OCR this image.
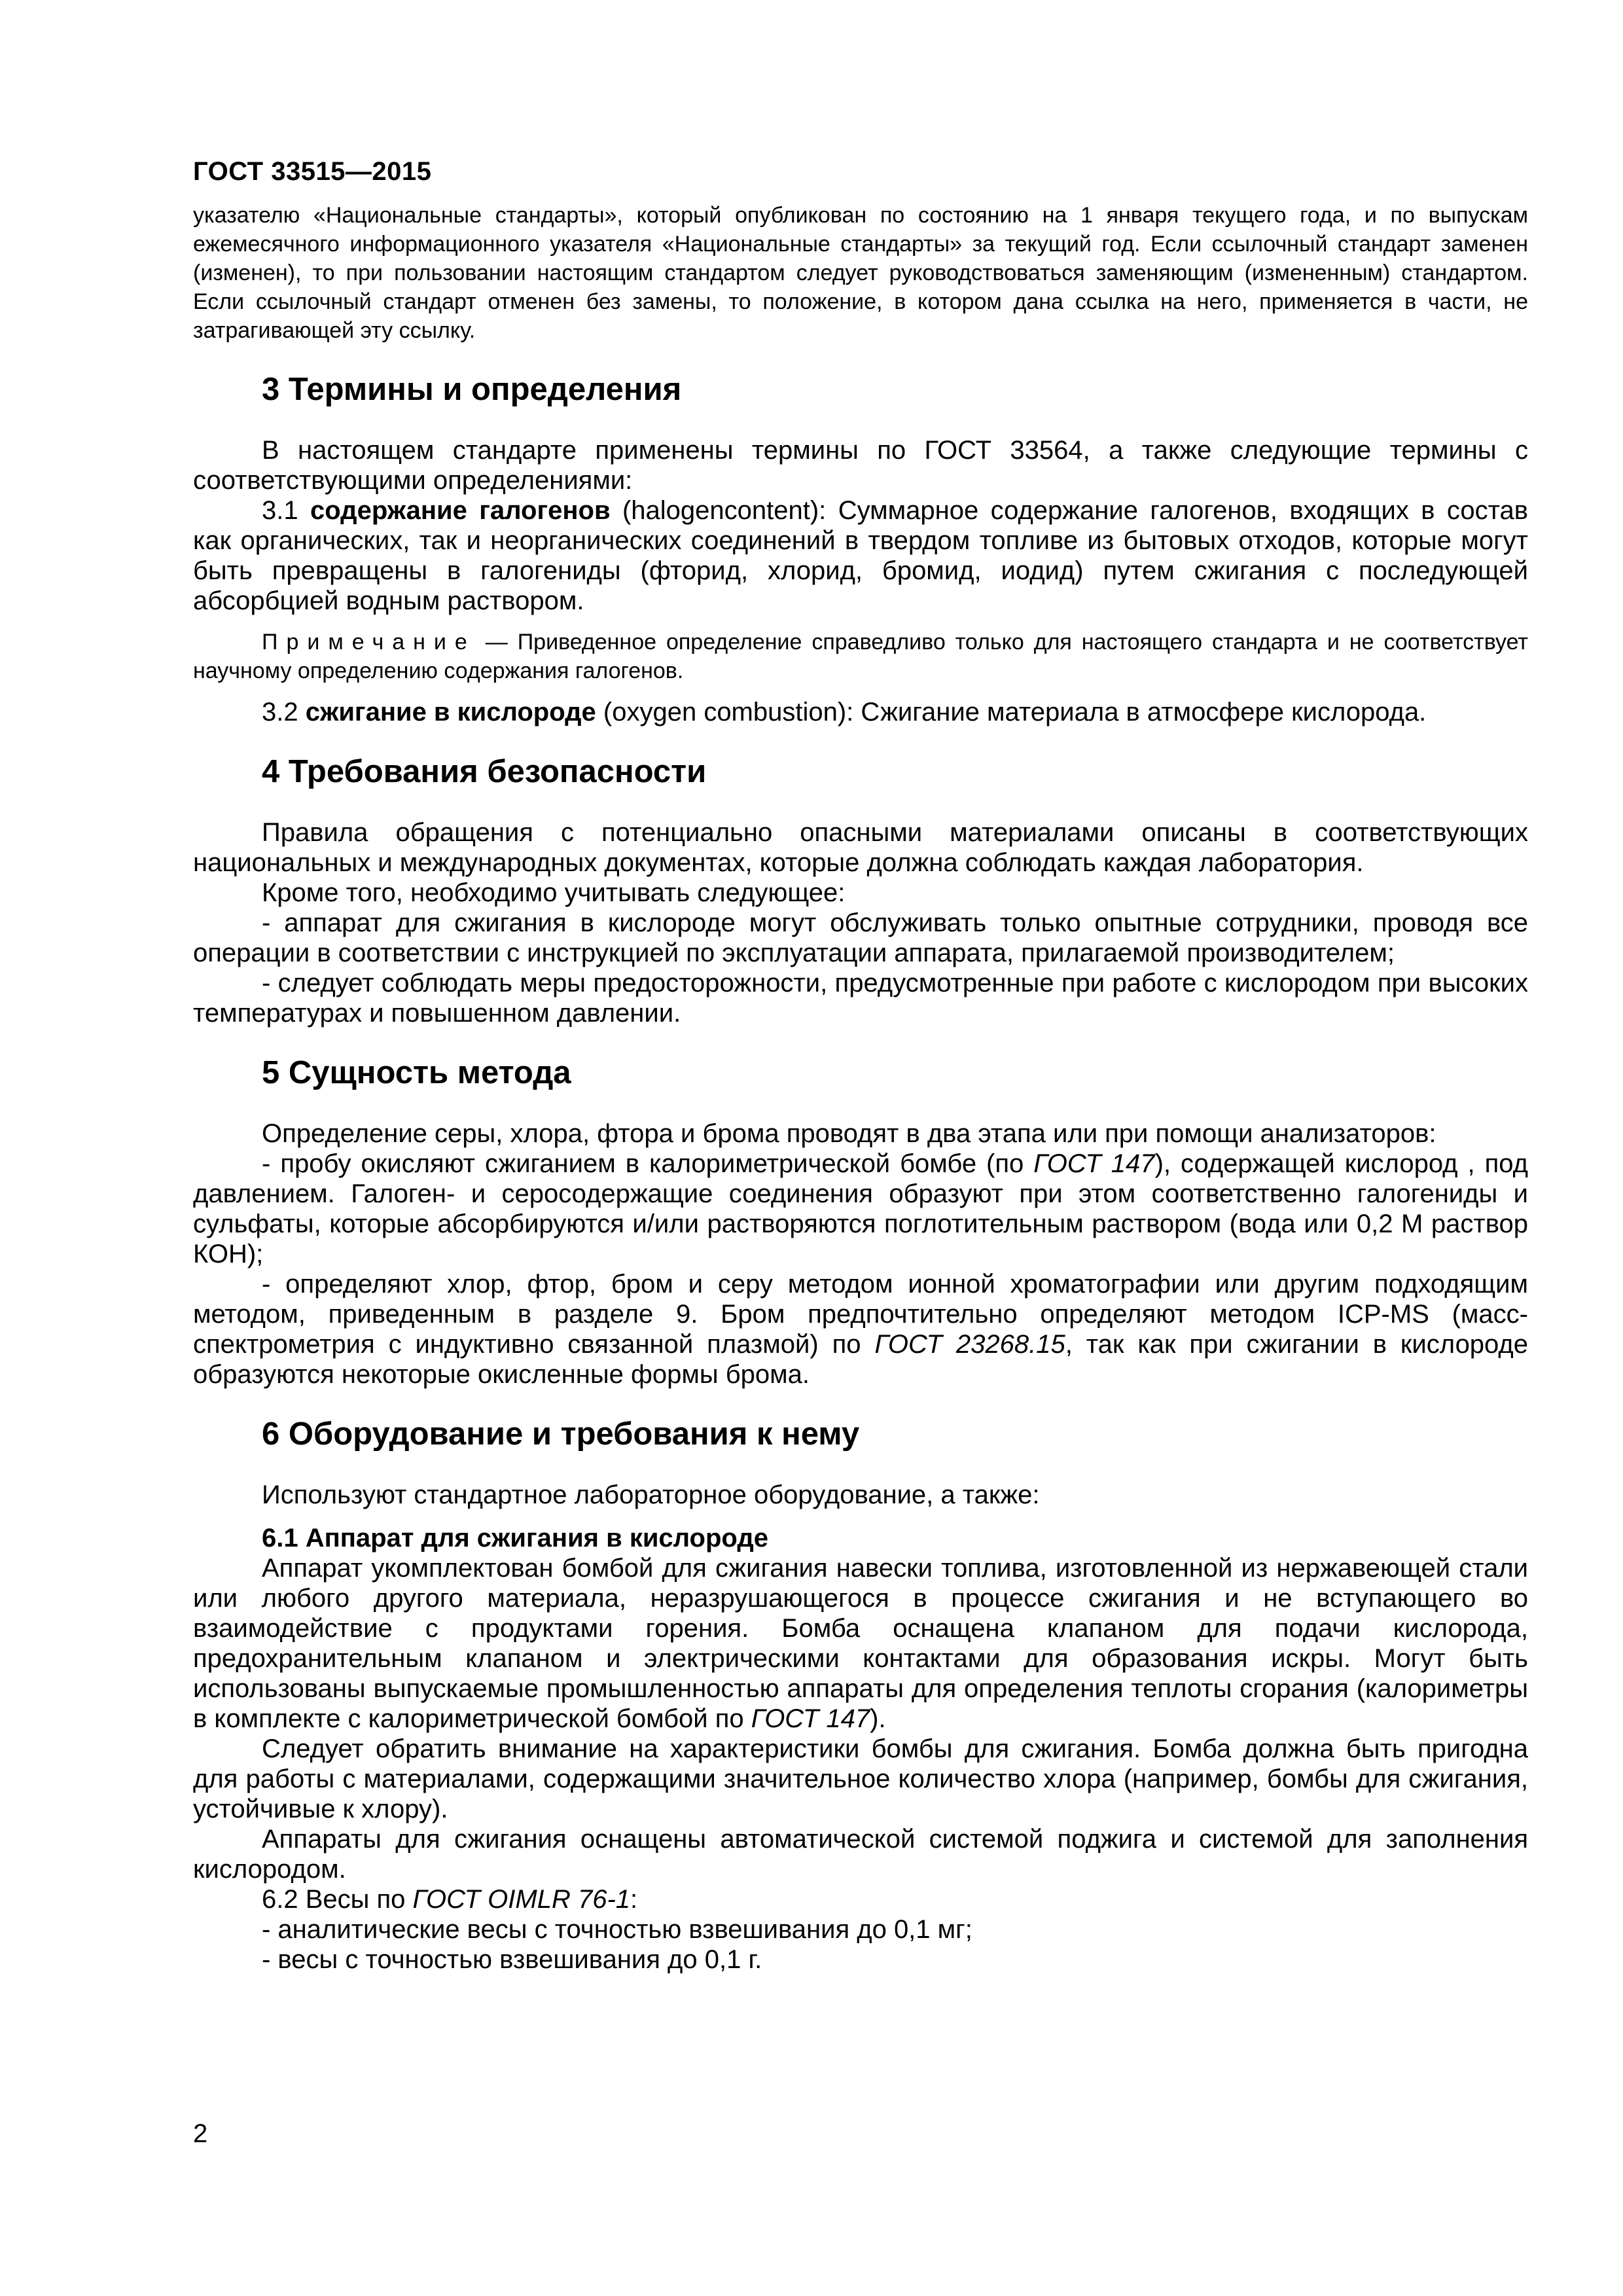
ГОСТ 33515—2015

указателю «Национальные стандарты», который опубликован по состоянию на 1 января текущего года, и по выпускам ежемесячного информационного указателя «Национальные стандарты» за текущий год. Если ссылочный стандарт заменен (изменен), то при пользовании настоящим стандартом следует руководствоваться заменяющим (измененным) стандартом. Если ссылочный стандарт отменен без замены, то положение, в котором дана ссылка на него, применяется в части, не затрагивающей эту ссылку.

3 Термины и определения

В настоящем стандарте применены термины по ГОСТ 33564, а также следующие термины с соответствующими определениями:

3.1 содержание галогенов (halogencontent): Суммарное содержание галогенов, входящих в состав как органических, так и неорганических соединений в твердом топливе из бытовых отходов, которые могут быть превращены в галогениды (фторид, хлорид, бромид, иодид) путем сжигания с последующей абсорбцией водным раствором.

Примечание — Приведенное определение справедливо только для настоящего стандарта и не соответствует научному определению содержания галогенов.

3.2 сжигание в кислороде (oxygen combustion): Сжигание материала в атмосфере кислорода.

4 Требования безопасности

Правила обращения с потенциально опасными материалами описаны в соответствующих национальных и международных документах, которые должна соблюдать каждая лаборатория.

Кроме того, необходимо учитывать следующее:

- аппарат для сжигания в кислороде могут обслуживать только опытные сотрудники, проводя все операции в соответствии с инструкцией по эксплуатации аппарата, прилагаемой производителем;

- следует соблюдать меры предосторожности, предусмотренные при работе с кислородом при высоких температурах и повышенном давлении.

5 Сущность метода

Определение серы, хлора, фтора и брома проводят в два этапа или при помощи анализаторов:

- пробу окисляют сжиганием в калориметрической бомбе (по ГОСТ 147), содержащей кислород , под давлением. Галоген- и серосодержащие соединения образуют при этом соответственно галогениды и сульфаты, которые абсорбируются и/или растворяются поглотительным раствором (вода или 0,2 М раствор КОН);

- определяют хлор, фтор, бром и серу методом ионной хроматографии или другим подходящим методом, приведенным в разделе 9. Бром предпочтительно определяют методом ICP-MS (масс-спектрометрия с индуктивно связанной плазмой) по ГОСТ 23268.15, так как при сжигании в кислороде образуются некоторые окисленные формы брома.

6 Оборудование и требования к нему

Используют стандартное лабораторное оборудование, а также:

6.1 Аппарат для сжигания в кислороде

Аппарат укомплектован бомбой для сжигания навески топлива, изготовленной из нержавеющей стали или любого другого материала, неразрушающегося в процессе сжигания и не вступающего во взаимодействие с продуктами горения. Бомба оснащена клапаном для подачи кислорода, предохранительным клапаном и электрическими контактами для образования искры. Могут быть использованы выпускаемые промышленностью аппараты для определения теплоты сгорания (калориметры в комплекте с калориметрической бомбой по ГОСТ 147).

Следует обратить внимание на характеристики бомбы для сжигания. Бомба должна быть пригодна для работы с материалами, содержащими значительное количество хлора (например, бомбы для сжигания, устойчивые к хлору).

Аппараты для сжигания оснащены автоматической системой поджига и системой для заполнения кислородом.

6.2 Весы по ГОСТ OIMLR 76-1:

- аналитические весы с точностью взвешивания до 0,1 мг;

- весы с точностью взвешивания до 0,1 г.

2
